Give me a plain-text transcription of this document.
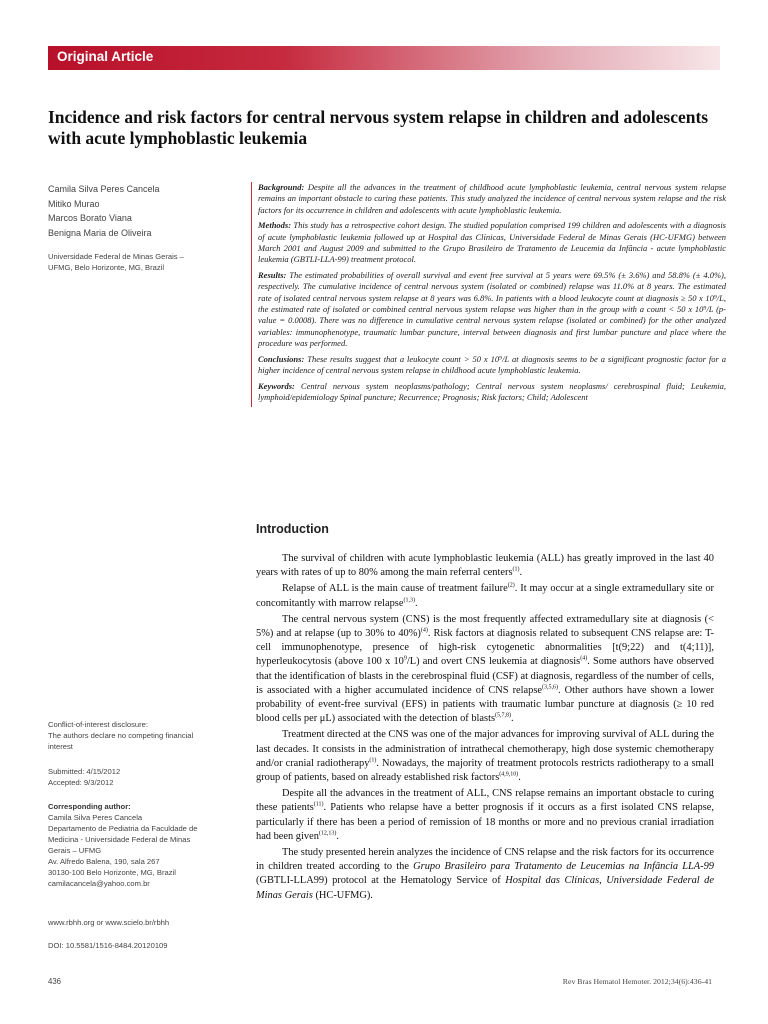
Original Article
Incidence and risk factors for central nervous system relapse in children and adolescents with acute lymphoblastic leukemia
Camila Silva Peres Cancela
Mitiko Murao
Marcos Borato Viana
Benigna Maria de Oliveira
Universidade Federal de Minas Gerais –
UFMG, Belo Horizonte, MG, Brazil

Background: Despite all the advances in the treatment of childhood acute lymphoblastic leukemia, central nervous system relapse remains an important obstacle to curing these patients. This study analyzed the incidence of central nervous system relapse and the risk factors for its occurrence in children and adolescents with acute lymphoblastic leukemia.

Methods: This study has a retrospective cohort design. The studied population comprised 199 children and adolescents with a diagnosis of acute lymphoblastic leukemia followed up at Hospital das Clínicas, Universidade Federal de Minas Gerais (HC-UFMG) between March 2001 and August 2009 and submitted to the Grupo Brasileiro de Tratamento de Leucemia da Infância - acute lymphoblastic leukemia (GBTLI-LLA-99) treatment protocol.

Results: The estimated probabilities of overall survival and event free survival at 5 years were 69.5% (± 3.6%) and 58.8% (± 4.0%), respectively. The cumulative incidence of central nervous system (isolated or combined) relapse was 11.0% at 8 years. The estimated rate of isolated central nervous system relapse at 8 years was 6.8%. In patients with a blood leukocyte count at diagnosis ≥ 50 x 10⁹/L, the estimated rate of isolated or combined central nervous system relapse was higher than in the group with a count < 50 x 10⁹/L (p-value = 0.0008). There was no difference in cumulative central nervous system relapse (isolated or combined) for the other analyzed variables: immunophenotype, traumatic lumbar puncture, interval between diagnosis and first lumbar puncture and place where the procedure was performed.

Conclusions: These results suggest that a leukocyte count > 50 x 10⁹/L at diagnosis seems to be a significant prognostic factor for a higher incidence of central nervous system relapse in childhood acute lymphoblastic leukemia.

Keywords: Central nervous system neoplasms/pathology; Central nervous system neoplasms/ cerebrospinal fluid; Leukemia, lymphoid/epidemiology Spinal puncture; Recurrence; Prognosis; Risk factors; Child; Adolescent

Introduction

The survival of children with acute lymphoblastic leukemia (ALL) has greatly improved in the last 40 years with rates of up to 80% among the main referral centers$^{(1)}$.

Relapse of ALL is the main cause of treatment failure$^{(2)}$. It may occur at a single extramedullary site or concomitantly with marrow relapse$^{(1,3)}$.

The central nervous system (CNS) is the most frequently affected extramedullary site at diagnosis (< 5%) and at relapse (up to 30% to 40%)$^{(4)}$. Risk factors at diagnosis related to subsequent CNS relapse are: T-cell immunophenotype, presence of high-risk cytogenetic abnormalities [t(9;22) and t(4;11)], hyperleukocytosis (above 100 x $10^9/L$) and overt CNS leukemia at diagnosis$^{(4)}$. Some authors have observed that the identification of blasts in the cerebrospinal fluid (CSF) at diagnosis, regardless of the number of cells, is associated with a higher accumulated incidence of CNS relapse$^{(3,5,6)}$. Other authors have shown a lower probability of event-free survival (EFS) in patients with traumatic lumbar puncture at diagnosis (≥ 10 red blood cells per μL) associated with the detection of blasts$^{(5,7,8)}$.

Treatment directed at the CNS was one of the major advances for improving survival of ALL during the last decades. It consists in the administration of intrathecal chemotherapy, high dose systemic chemotherapy and/or cranial radiotherapy$^{(1)}$. Nowadays, the majority of treatment protocols restricts radiotherapy to a small group of patients, based on already established risk factors$^{(4,9,10)}$.

Despite all the advances in the treatment of ALL, CNS relapse remains an important obstacle to curing these patients$^{(11)}$. Patients who relapse have a better prognosis if it occurs as a first isolated CNS relapse, particularly if there has been a period of remission of 18 months or more and no previous cranial irradiation had been given$^{(12,13)}$.

The study presented herein analyzes the incidence of CNS relapse and the risk factors for its occurrence in children treated according to the Grupo Brasileiro para Tratamento de Leucemias na Infância LLA-99 (GBTLI-LLA99) protocol at the Hematology Service of Hospital das Clínicas, Universidade Federal de Minas Gerais (HC-UFMG).

Conflict-of-interest disclosure:
The authors declare no competing financial
interest
Submitted: 4/15/2012
Accepted: 9/3/2012
Corresponding author:
Camila Silva Peres Cancela
Departamento de Pediatria da Faculdade de
Medicina - Universidade Federal de Minas
Gerais – UFMG
Av. Alfredo Balena, 190, sala 267
30130-100 Belo Horizonte, MG, Brazil
camilacancela@yahoo.com.br
www.rbhh.org or www.scielo.br/rbhh
DOI: 10.5581/1516-8484.20120109
436	Rev Bras Hematol Hemoter. 2012;34(6):436-41
